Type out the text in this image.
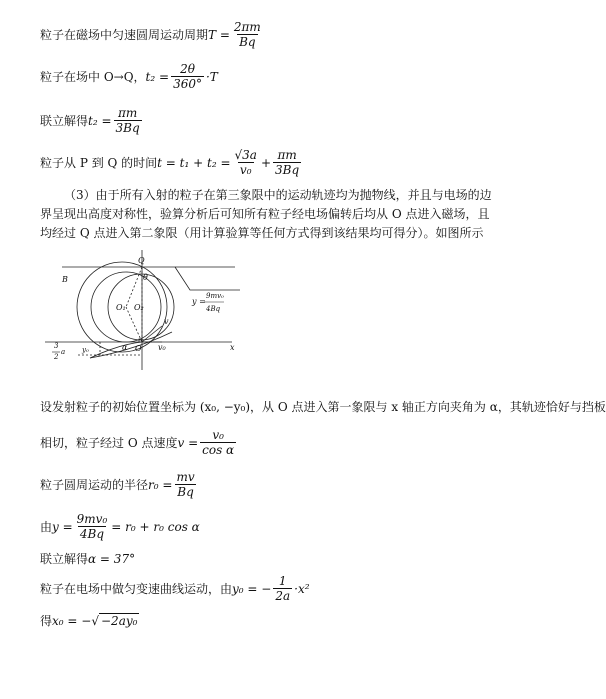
粒子在磁场中匀速圆周运动周期 $T = \frac{2\pi m}{Bq}$
粒子在场中 O→Q， $t_2 = \frac{2\theta}{360^\circ} \cdot T$
联立解得 $t_2 = \frac{\pi m}{3Bq}$
粒子从 P 到 Q 的时间 $t = t_1 + t_2 = \frac{√3a}{\text{v₀}} + \frac{\pi m}{3Bq}$

（3）由于所有入射的粒子在第三象限中的运动轨迹均为抛物线，并且与电场的边界呈现出高度对称性，验算分析后可知所有粒子经电场偏转后均从 O 点进入磁场，且均经过 Q 点进入第二象限（用计算验算等任何方式得到该结果均可得分）。如图所示

B
Q
O₁ O₂
O	x
v₀
α
v
θ
y =
9mv₀
4Bq
3
2
a y₀
设发射粒子的初始位置坐标为 (x₀, −y₀)，从 O 点进入第一象限与 x 轴正方向夹角为 α，其轨迹恰好与挡板
相切，粒子经过 O 点速度 $v = \frac{\text{v₀}}{\text{cos α}}$
粒子圆周运动的半径 $r_0 = \frac{mv}{Bq}$
由 $y = \frac{\text{9mv₀}}{4Bq} = r_0 + r_0$ cos α
联立解得 α = 37°
粒子在电场中做匀变速曲线运动，由 y₀ = − $\frac{1}{2a} \cdot x^2$
得 x₀ = − √ −2ay₀
